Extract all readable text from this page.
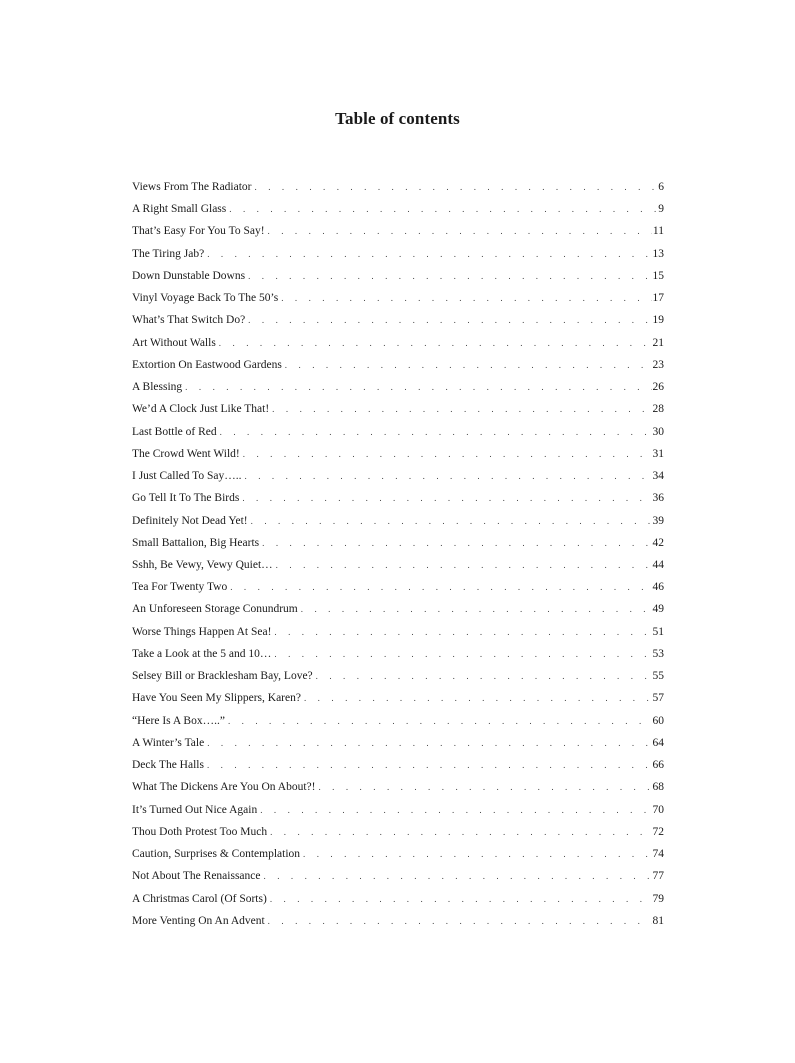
Table of contents
Views From The Radiator . . .	6
A Right Small Glass . . .	9
That’s Easy For You To Say! . . .	11
The Tiring Jab? . . .	13
Down Dunstable Downs . . .	15
Vinyl Voyage Back To The 50’s . . .	17
What’s That Switch Do? . . .	19
Art Without Walls . . .	21
Extortion On Eastwood Gardens . . .	23
A Blessing . . .	26
We’d A Clock Just Like That! . . .	28
Last Bottle of Red . . .	30
The Crowd Went Wild! . . .	31
I Just Called To Say….. . . .	34
Go Tell It To The Birds . . .	36
Definitely Not Dead Yet! . . .	39
Small Battalion, Big Hearts . . .	42
Sshh, Be Vewy, Vewy Quiet… . . .	44
Tea For Twenty Two . . .	46
An Unforeseen Storage Conundrum . . .	49
Worse Things Happen At Sea! . . .	51
Take a Look at the 5 and 10… . . .	53
Selsey Bill or Bracklesham Bay, Love? . . .	55
Have You Seen My Slippers, Karen? . . .	57
“Here Is A Box…..” . . .	60
A Winter’s Tale . . .	64
Deck The Halls . . .	66
What The Dickens Are You On About?! . . .	68
It’s Turned Out Nice Again . . .	70
Thou Doth Protest Too Much . . .	72
Caution, Surprises & Contemplation . . .	74
Not About The Renaissance . . .	77
A Christmas Carol (Of Sorts) . . .	79
More Venting On An Advent . . .	81
